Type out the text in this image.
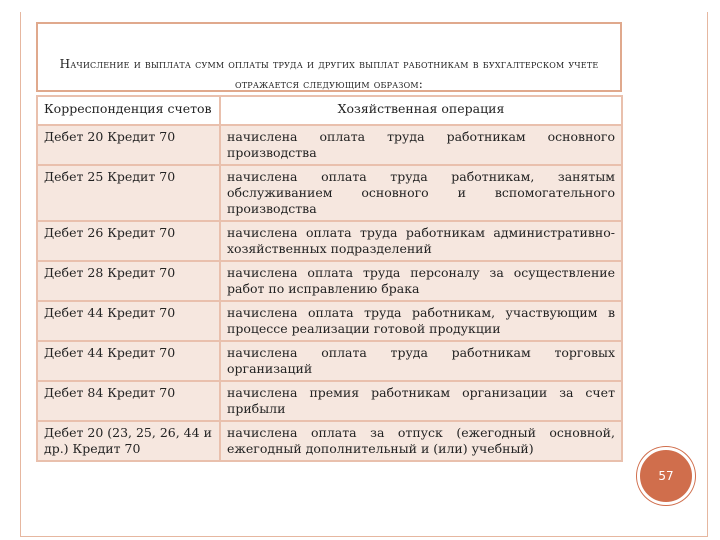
Начисление и выплата сумм оплаты труда и других выплат работникам в бухгалтерском учете отражается следующим образом:
Корреспонденция счетов	Хозяйственная операция
Дебет 20 Кредит 70	начислена оплата труда работникам основного производства
Дебет 25 Кредит 70	начислена оплата труда работникам, занятым обслуживанием основного и вспомогательного производства
Дебет 26 Кредит 70	начислена оплата труда работникам административно-хозяйственных подразделений
Дебет 28 Кредит 70	начислена оплата труда персоналу за осуществление работ по исправлению брака
Дебет 44 Кредит 70	начислена оплата труда работникам, участвующим в процессе реализации готовой продукции
Дебет 44 Кредит 70	начислена оплата труда работникам торговых организаций
Дебет 84 Кредит 70	начислена премия работникам организации за счет прибыли
Дебет 20 (23, 25, 26, 44 и др.) Кредит 70	начислена оплата за отпуск (ежегодный основной, ежегодный дополнительный и (или) учебный)
57
